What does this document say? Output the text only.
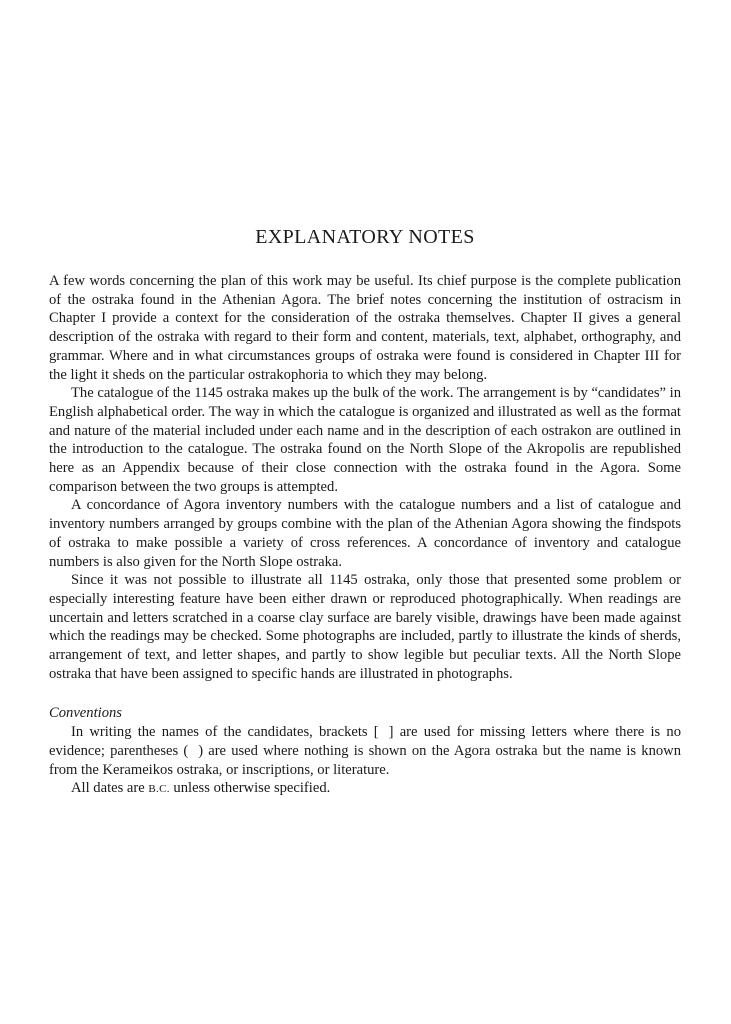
EXPLANATORY NOTES

A few words concerning the plan of this work may be useful. Its chief purpose is the complete publication of the ostraka found in the Athenian Agora. The brief notes concerning the institution of ostracism in Chapter I provide a context for the consideration of the ostraka themselves. Chapter II gives a general description of the ostraka with regard to their form and content, materials, text, alphabet, orthography, and grammar. Where and in what circumstances groups of ostraka were found is considered in Chapter III for the light it sheds on the particular ostrakophoria to which they may belong.

The catalogue of the 1145 ostraka makes up the bulk of the work. The arrangement is by “candidates” in English alphabetical order. The way in which the catalogue is organized and illustrated as well as the format and nature of the material included under each name and in the description of each ostrakon are outlined in the introduction to the catalogue. The ostraka found on the North Slope of the Akropolis are republished here as an Appendix because of their close connection with the ostraka found in the Agora. Some comparison between the two groups is attempted.

A concordance of Agora inventory numbers with the catalogue numbers and a list of catalogue and inventory numbers arranged by groups combine with the plan of the Athenian Agora showing the findspots of ostraka to make possible a variety of cross references. A concordance of inventory and catalogue numbers is also given for the North Slope ostraka.

Since it was not possible to illustrate all 1145 ostraka, only those that presented some problem or especially interesting feature have been either drawn or reproduced photographically. When readings are uncertain and letters scratched in a coarse clay surface are barely visible, drawings have been made against which the readings may be checked. Some photographs are included, partly to illustrate the kinds of sherds, arrangement of text, and letter shapes, and partly to show legible but peculiar texts. All the North Slope ostraka that have been assigned to specific hands are illustrated in photographs.

Conventions

In writing the names of the candidates, brackets [ ] are used for missing letters where there is no evidence; parentheses ( ) are used where nothing is shown on the Agora ostraka but the name is known from the Kerameikos ostraka, or inscriptions, or literature.

All dates are B.C. unless otherwise specified.
